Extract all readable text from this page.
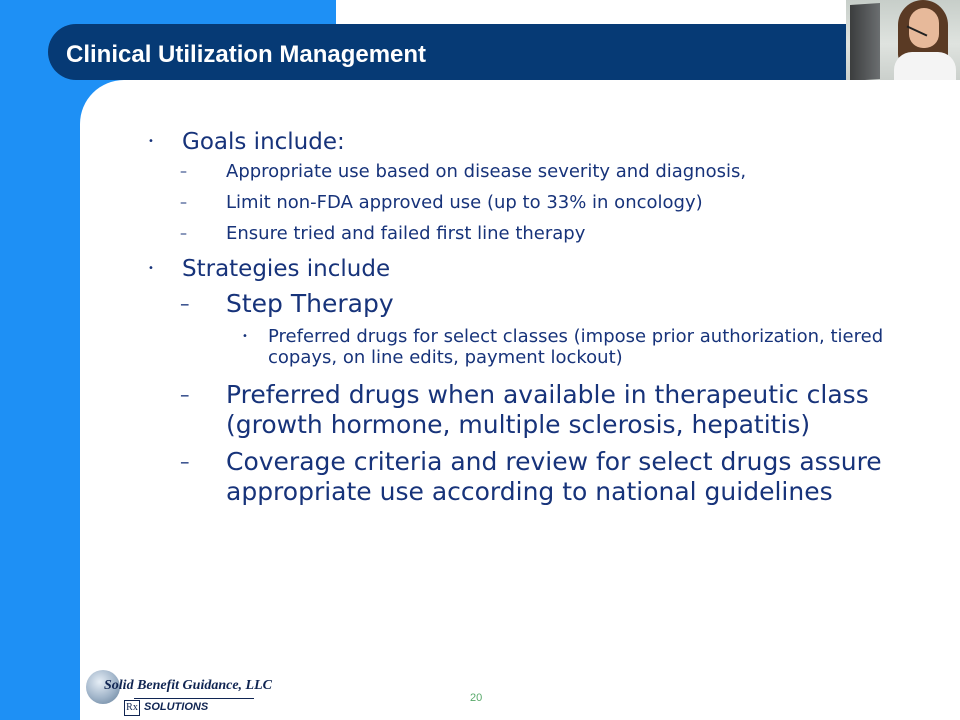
Clinical Utilization Management
• Goals include:
– Appropriate use based on disease severity and diagnosis,
– Limit non-FDA approved use (up to 33% in oncology)
– Ensure tried and failed first line therapy
• Strategies include
– Step Therapy
• Preferred drugs for select classes (impose prior authorization, tiered copays, on line edits, payment lockout)
– Preferred drugs when available in therapeutic class (growth hormone, multiple sclerosis, hepatitis)
– Coverage criteria and review for select drugs assure appropriate use according to national guidelines
20
Solid Benefit Guidance, LLC
Rx SOLUTIONS
